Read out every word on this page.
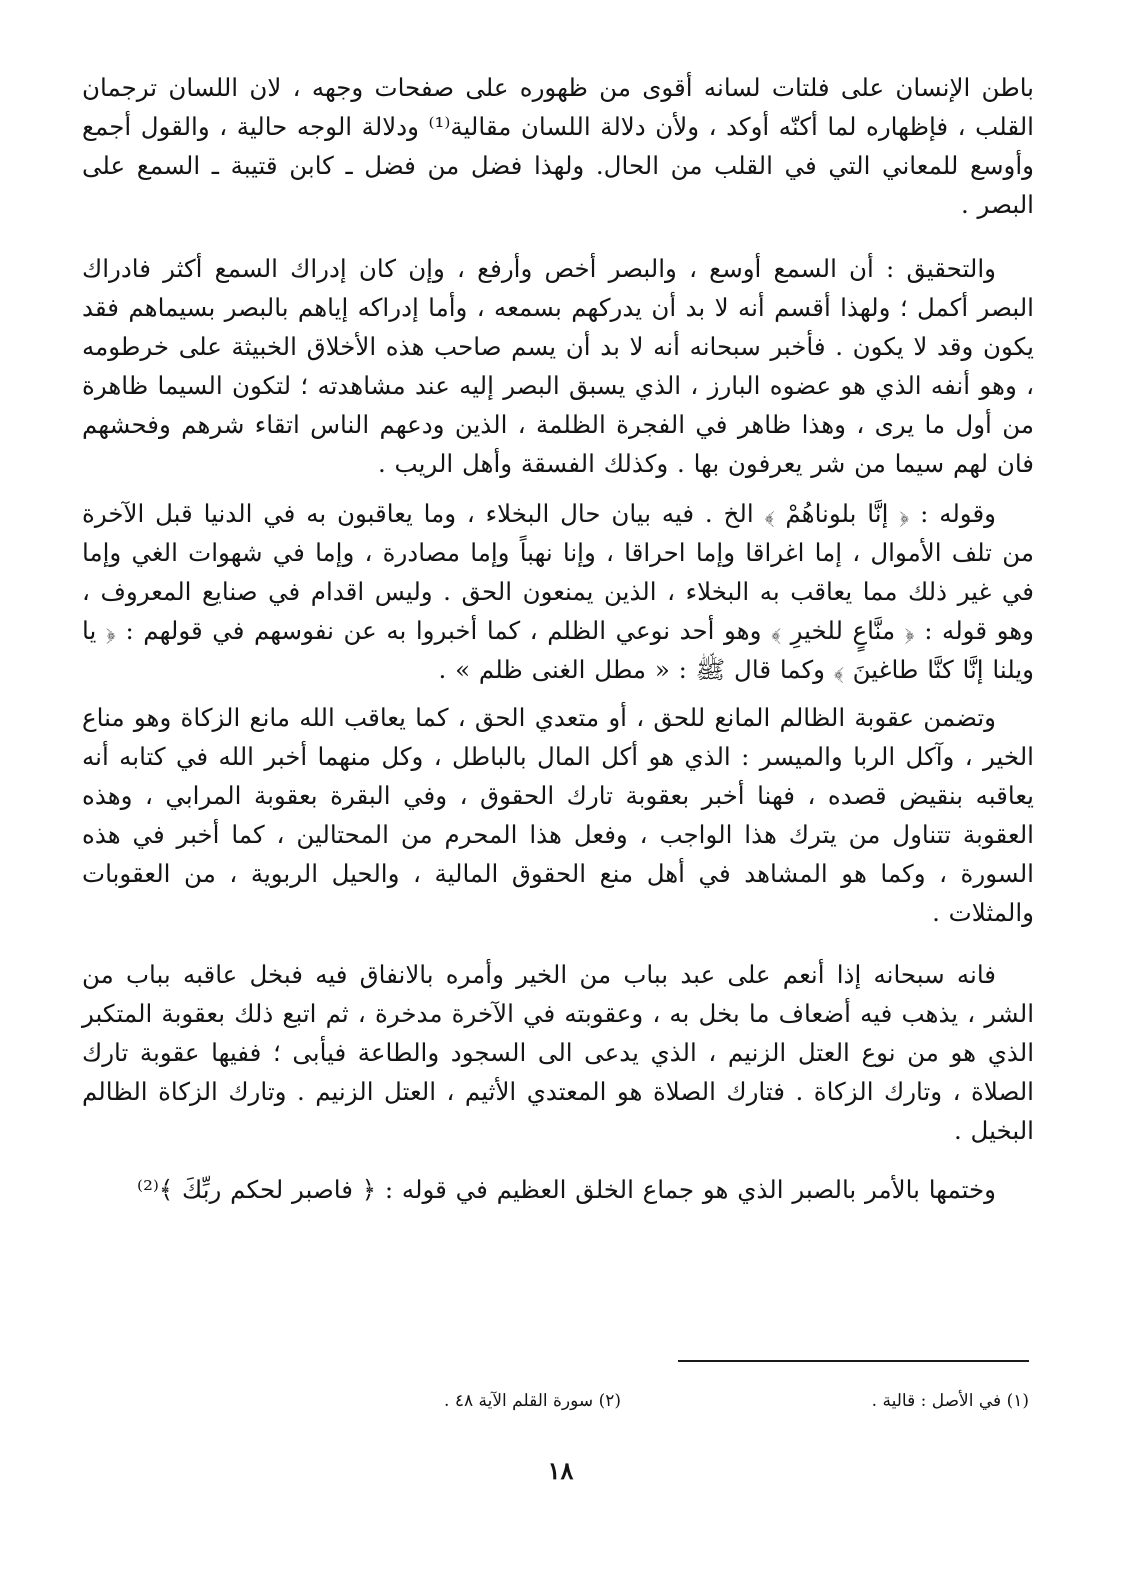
باطن الإنسان على فلتات لسانه أقوى من ظهوره على صفحات وجهه ، لان اللسان ترجمان القلب ، فإظهاره لما أكنّه أوكد ، ولأن دلالة اللسان مقالية⁽¹⁾ ودلالة الوجه حالية ، والقول أجمع وأوسع للمعاني التي في القلب من الحال. ولهذا فضل من فضل ـ كابن قتيبة ـ السمع على البصر .

والتحقيق : أن السمع أوسع ، والبصر أخص وأرفع ، وإن كان إدراك السمع أكثر فادراك البصر أكمل ؛ ولهذا أقسم أنه لا بد أن يدركهم بسمعه ، وأما إدراكه إياهم بالبصر بسيماهم فقد يكون وقد لا يكون . فأخبر سبحانه أنه لا بد أن يسم صاحب هذه الأخلاق الخبيثة على خرطومه ، وهو أنفه الذي هو عضوه البارز ، الذي يسبق البصر إليه عند مشاهدته ؛ لتكون السيما ظاهرة من أول ما يرى ، وهذا ظاهر في الفجرة الظلمة ، الذين ودعهم الناس اتقاء شرهم وفحشهم فان لهم سيما من شر يعرفون بها . وكذلك الفسقة وأهل الريب .

وقوله : ﴿ إنَّا بلوناهُمْ ﴾ الخ . فيه بيان حال البخلاء ، وما يعاقبون به في الدنيا قبل الآخرة من تلف الأموال ، إما اغراقا وإما احراقا ، وإنا نهباً وإما مصادرة ، وإما في شهوات الغي وإما في غير ذلك مما يعاقب به البخلاء ، الذين يمنعون الحق . وليس اقدام في صنايع المعروف ، وهو قوله : ﴿ منَّاعٍ للخيرِ ﴾ وهو أحد نوعي الظلم ، كما أخبروا به عن نفوسهم في قولهم : ﴿ يا ويلنا إنَّا كنَّا طاغينَ ﴾ وكما قال ﷺ : « مطل الغنى ظلم » .

وتضمن عقوبة الظالم المانع للحق ، أو متعدي الحق ، كما يعاقب الله مانع الزكاة وهو مناع الخير ، وآكل الربا والميسر : الذي هو أكل المال بالباطل ، وكل منهما أخبر الله في كتابه أنه يعاقبه بنقيض قصده ، فهنا أخبر بعقوبة تارك الحقوق ، وفي البقرة بعقوبة المرابي ، وهذه العقوبة تتناول من يترك هذا الواجب ، وفعل هذا المحرم من المحتالين ، كما أخبر في هذه السورة ، وكما هو المشاهد في أهل منع الحقوق المالية ، والحيل الربوية ، من العقوبات والمثلات .

فانه سبحانه إذا أنعم على عبد بباب من الخير وأمره بالانفاق فيه فبخل عاقبه بباب من الشر ، يذهب فيه أضعاف ما بخل به ، وعقوبته في الآخرة مدخرة ، ثم اتبع ذلك بعقوبة المتكبر الذي هو من نوع العتل الزنيم ، الذي يدعى الى السجود والطاعة فيأبى ؛ ففيها عقوبة تارك الصلاة ، وتارك الزكاة . فتارك الصلاة هو المعتدي الأثيم ، العتل الزنيم . وتارك الزكاة الظالم البخيل .

وختمها بالأمر بالصبر الذي هو جماع الخلق العظيم في قوله : ﴿ فاصبر لحكم ربِّكَ ﴾⁽²⁾

(١) في الأصل : قالية .
(٢) سورة القلم الآية ٤٨ .
١٨
